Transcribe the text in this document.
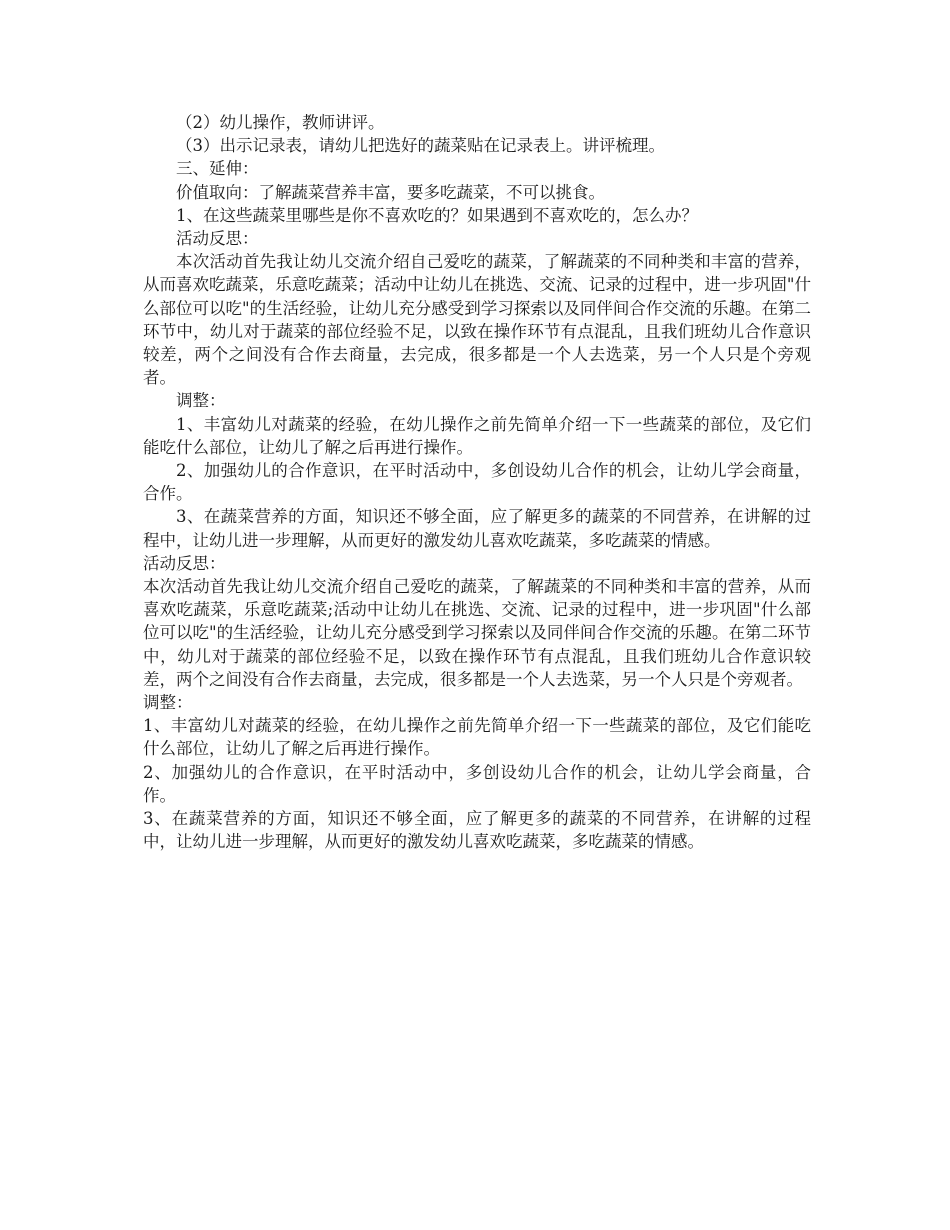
（2）幼儿操作，教师讲评。

（3）出示记录表，请幼儿把选好的蔬菜贴在记录表上。讲评梳理。

三、延伸：

价值取向：了解蔬菜营养丰富，要多吃蔬菜，不可以挑食。

1、在这些蔬菜里哪些是你不喜欢吃的？如果遇到不喜欢吃的，怎么办？

活动反思：

本次活动首先我让幼儿交流介绍自己爱吃的蔬菜，了解蔬菜的不同种类和丰富的营养，从而喜欢吃蔬菜，乐意吃蔬菜；活动中让幼儿在挑选、交流、记录的过程中，进一步巩固"什么部位可以吃"的生活经验，让幼儿充分感受到学习探索以及同伴间合作交流的乐趣。在第二环节中，幼儿对于蔬菜的部位经验不足，以致在操作环节有点混乱，且我们班幼儿合作意识较差，两个之间没有合作去商量，去完成，很多都是一个人去选菜，另一个人只是个旁观者。

调整：

1、丰富幼儿对蔬菜的经验，在幼儿操作之前先简单介绍一下一些蔬菜的部位，及它们能吃什么部位，让幼儿了解之后再进行操作。

2、加强幼儿的合作意识，在平时活动中，多创设幼儿合作的机会，让幼儿学会商量，合作。

3、在蔬菜营养的方面，知识还不够全面，应了解更多的蔬菜的不同营养，在讲解的过程中，让幼儿进一步理解，从而更好的激发幼儿喜欢吃蔬菜，多吃蔬菜的情感。

活动反思：

本次活动首先我让幼儿交流介绍自己爱吃的蔬菜，了解蔬菜的不同种类和丰富的营养，从而喜欢吃蔬菜，乐意吃蔬菜;活动中让幼儿在挑选、交流、记录的过程中，进一步巩固"什么部位可以吃"的生活经验，让幼儿充分感受到学习探索以及同伴间合作交流的乐趣。在第二环节中，幼儿对于蔬菜的部位经验不足，以致在操作环节有点混乱，且我们班幼儿合作意识较差，两个之间没有合作去商量，去完成，很多都是一个人去选菜，另一个人只是个旁观者。

调整：

1、丰富幼儿对蔬菜的经验，在幼儿操作之前先简单介绍一下一些蔬菜的部位，及它们能吃什么部位，让幼儿了解之后再进行操作。

2、加强幼儿的合作意识，在平时活动中，多创设幼儿合作的机会，让幼儿学会商量，合作。

3、在蔬菜营养的方面，知识还不够全面，应了解更多的蔬菜的不同营养，在讲解的过程中，让幼儿进一步理解，从而更好的激发幼儿喜欢吃蔬菜，多吃蔬菜的情感。
